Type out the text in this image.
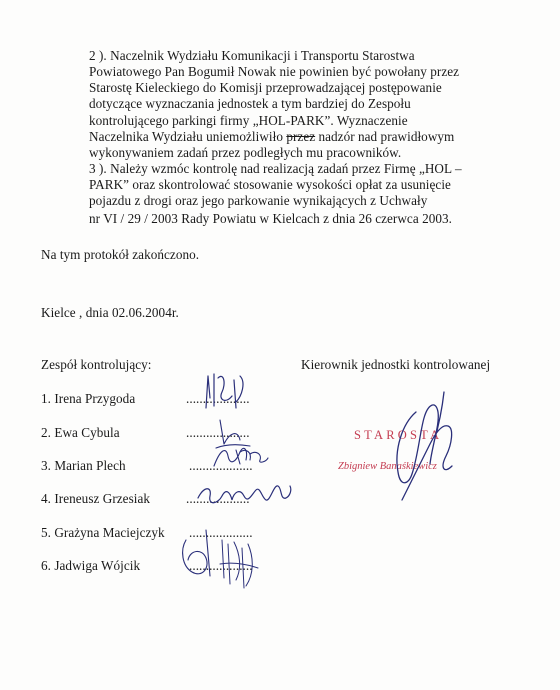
2 ). Naczelnik Wydziału Komunikacji i Transportu Starostwa
Powiatowego Pan Bogumił Nowak nie powinien być powołany przez
Starostę Kieleckiego do Komisji przeprowadzającej postępowanie
dotyczące wyznaczania jednostek a tym bardziej do Zespołu
kontrolującego parkingi firmy „HOL-PARK”. Wyznaczenie
Naczelnika Wydziału uniemożliwiło przez nadzór nad prawidłowym
wykonywaniem zadań przez podległych mu pracowników.
3 ). Należy wzmóc kontrolę nad realizacją zadań przez Firmę „HOL –
PARK” oraz skontrolować stosowanie wysokości opłat za usunięcie
pojazdu z drogi oraz jego parkowanie wynikających z Uchwały
nr VI / 29 / 2003 Rady Powiatu w Kielcach z dnia 26 czerwca 2003.
Na tym protokół zakończono.
Kielce , dnia 02.06.2004r.
Zespół kontrolujący:	Kierownik jednostki kontrolowanej
1. Irena Przygoda
2. Ewa Cybula
3. Marian Plech
4. Ireneusz Grzesiak
5. Grażyna Maciejczyk
6. Jadwiga Wójcik
...................
...................
...................
...................
...................
...................
STAROSTA
Zbigniew Banaśkiewicz
